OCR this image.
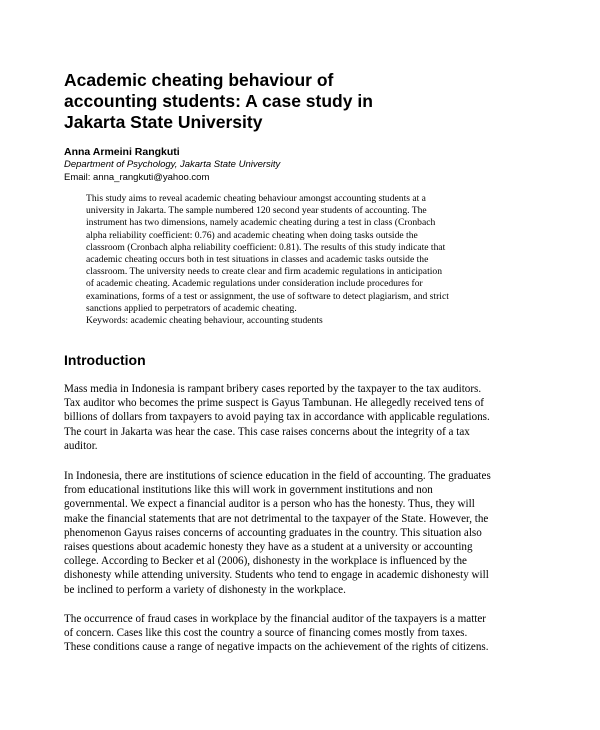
Academic cheating behaviour of
accounting students: A case study in
Jakarta State University
Anna Armeini Rangkuti
Department of Psychology, Jakarta State University
Email: anna_rangkuti@yahoo.com
This study aims to reveal academic cheating behaviour amongst accounting students at a
university in Jakarta. The sample numbered 120 second year students of accounting. The
instrument has two dimensions, namely academic cheating during a test in class (Cronbach
alpha reliability coefficient: 0.76) and academic cheating when doing tasks outside the
classroom (Cronbach alpha reliability coefficient: 0.81). The results of this study indicate that
academic cheating occurs both in test situations in classes and academic tasks outside the
classroom. The university needs to create clear and firm academic regulations in anticipation
of academic cheating. Academic regulations under consideration include procedures for
examinations, forms of a test or assignment, the use of software to detect plagiarism, and strict
sanctions applied to perpetrators of academic cheating.
Keywords: academic cheating behaviour, accounting students
Introduction
Mass media in Indonesia is rampant bribery cases reported by the taxpayer to the tax auditors.
Tax auditor who becomes the prime suspect is Gayus Tambunan. He allegedly received tens of
billions of dollars from taxpayers to avoid paying tax in accordance with applicable regulations.
The court in Jakarta was hear the case. This case raises concerns about the integrity of a tax
auditor.
In Indonesia, there are institutions of science education in the field of accounting. The graduates
from educational institutions like this will work in government institutions and non
governmental. We expect a financial auditor is a person who has the honesty. Thus, they will
make the financial statements that are not detrimental to the taxpayer of the State. However, the
phenomenon Gayus raises concerns of accounting graduates in the country. This situation also
raises questions about academic honesty they have as a student at a university or accounting
college. According to Becker et al (2006), dishonesty in the workplace is influenced by the
dishonesty while attending university. Students who tend to engage in academic dishonesty will
be inclined to perform a variety of dishonesty in the workplace.
The occurrence of fraud cases in workplace by the financial auditor of the taxpayers is a matter
of concern. Cases like this cost the country a source of financing comes mostly from taxes.
These conditions cause a range of negative impacts on the achievement of the rights of citizens.
